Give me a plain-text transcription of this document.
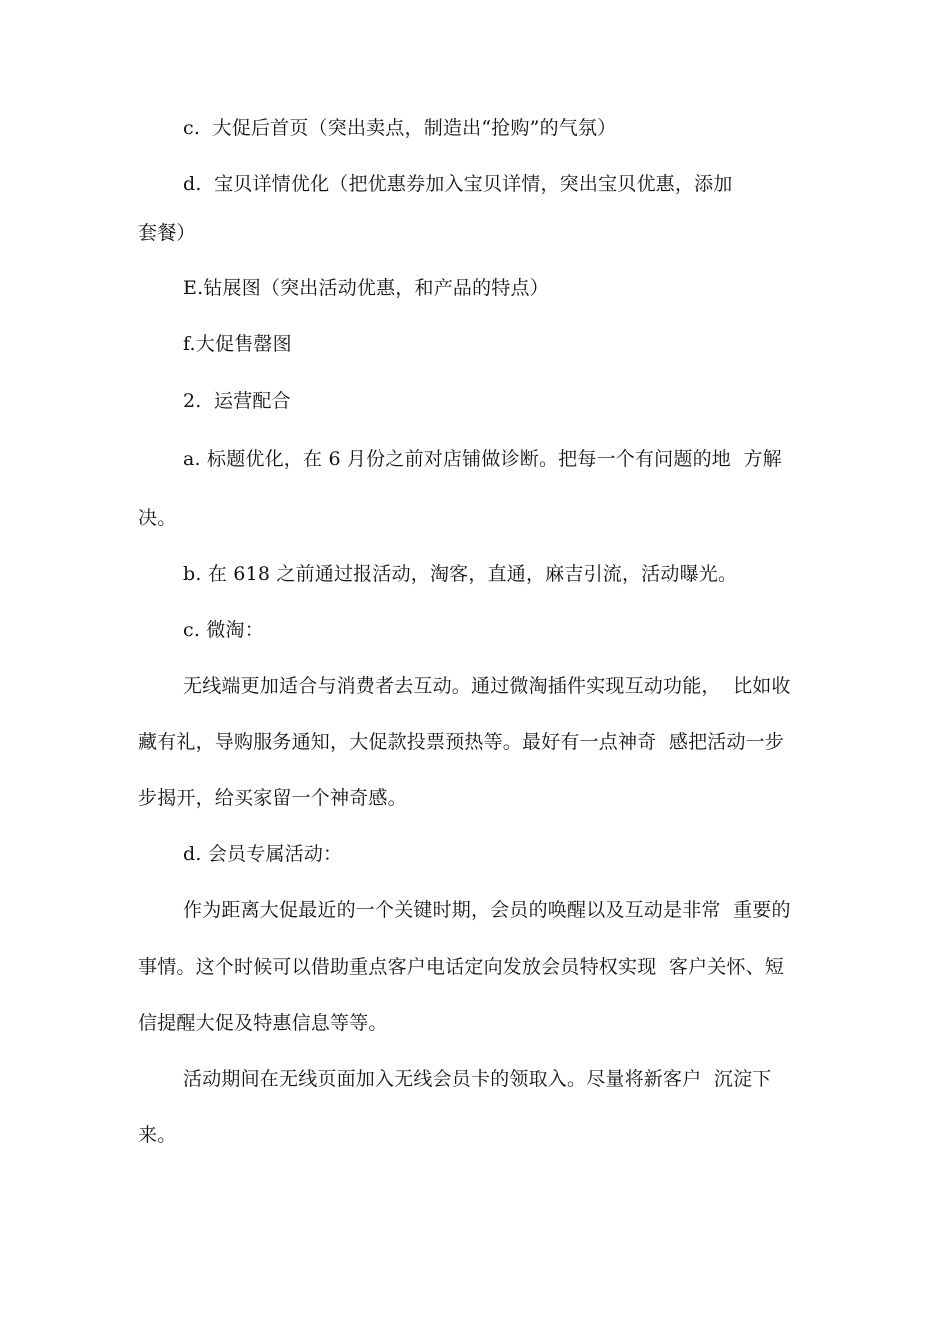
c.  大促后首页（突出卖点，制造出“抢购”的气氛）
d.  宝贝详情优化（把优惠券加入宝贝详情，突出宝贝优惠，添加
套餐）
E.钻展图（突出活动优惠，和产品的特点）
f.大促售罄图
2.  运营配合
a. 标题优化，在 6 月份之前对店铺做诊断。把每一个有问题的地  方解
决。
b. 在 618 之前通过报活动，淘客，直通，麻吉引流，活动曝光。
c. 微淘：
无线端更加适合与消费者去互动。通过微淘插件实现互动功能，  比如收
藏有礼，导购服务通知，大促款投票预热等。最好有一点神奇  感把活动一步
步揭开，给买家留一个神奇感。
d. 会员专属活动：
作为距离大促最近的一个关键时期，会员的唤醒以及互动是非常  重要的
事情。这个时候可以借助重点客户电话定向发放会员特权实现  客户关怀、短
信提醒大促及特惠信息等等。
活动期间在无线页面加入无线会员卡的领取入。尽量将新客户  沉淀下
来。
